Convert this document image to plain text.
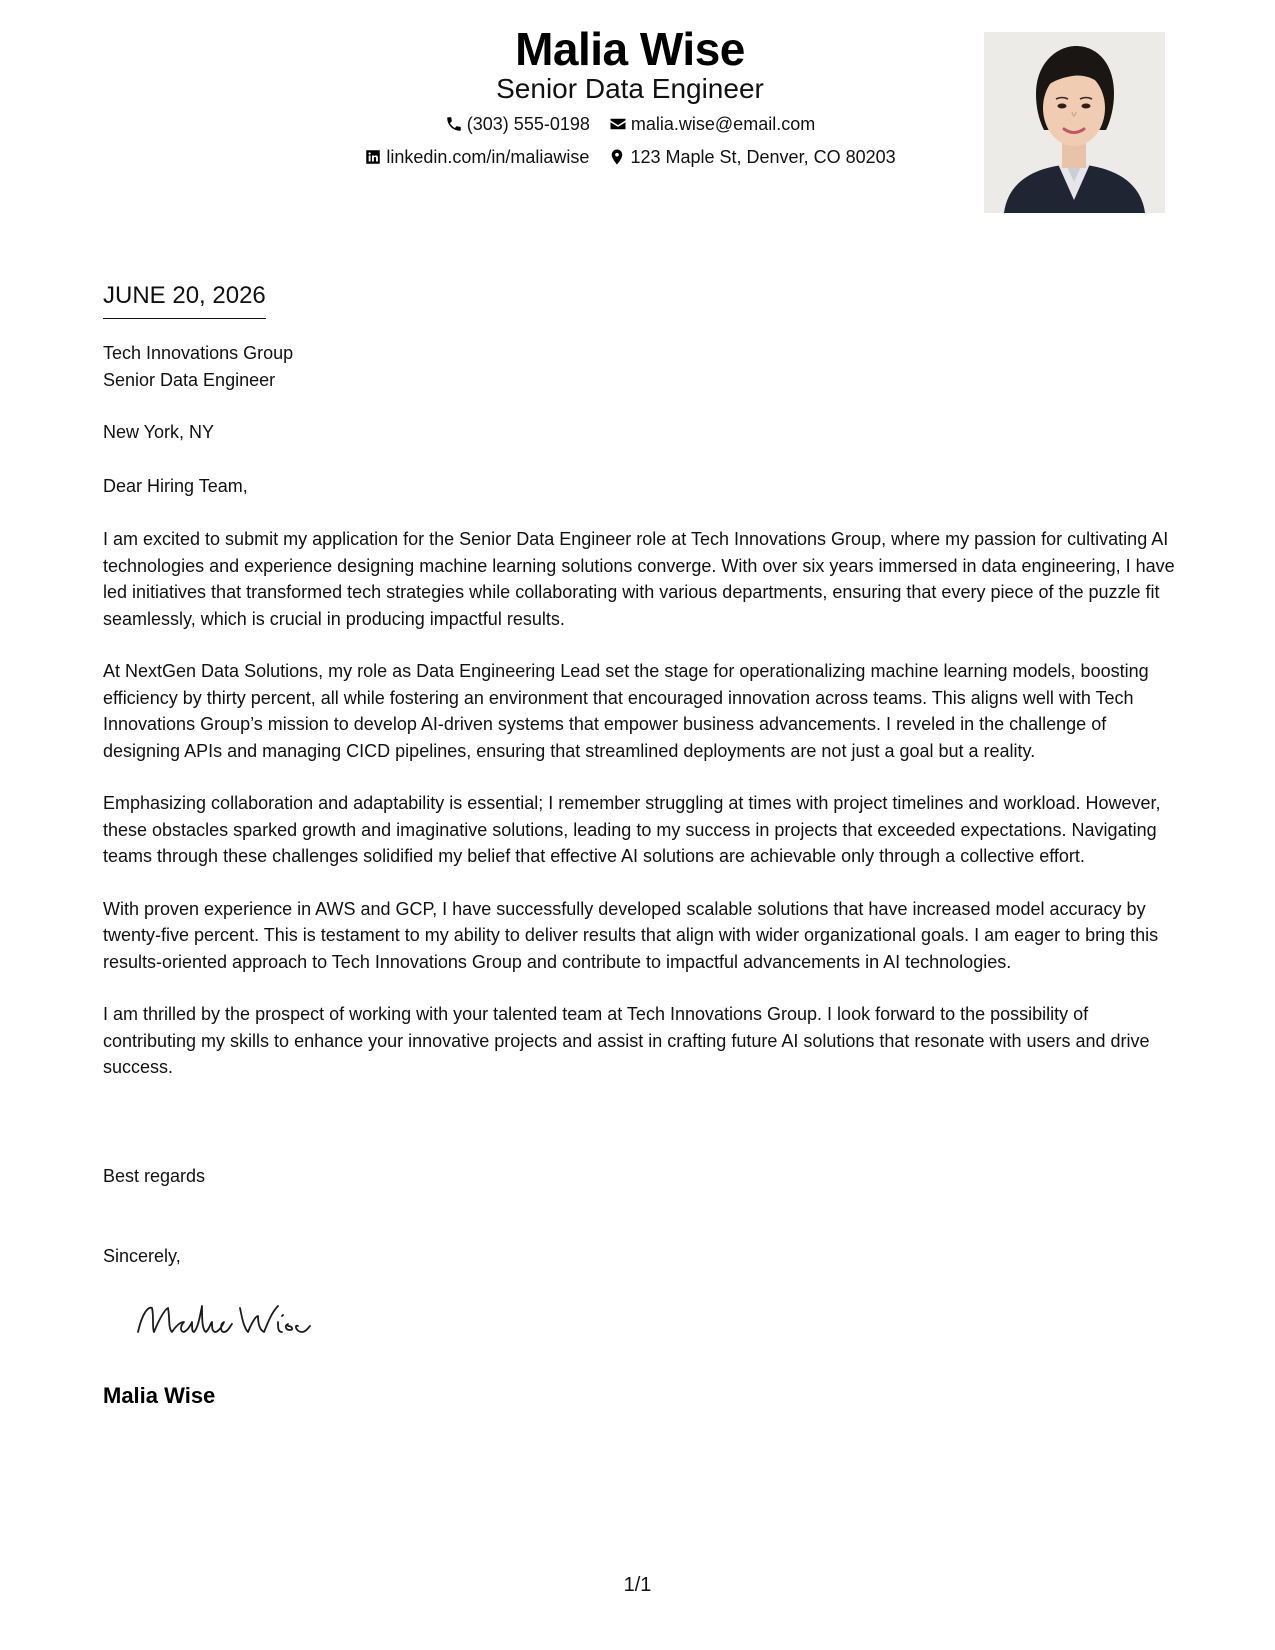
Malia Wise
Senior Data Engineer
(303) 555-0198
malia.wise@email.com
linkedin.com/in/maliawise
123 Maple St, Denver, CO 80203
JUNE 20, 2026
Tech Innovations Group
Senior Data Engineer
New York, NY
Dear Hiring Team,

I am excited to submit my application for the Senior Data Engineer role at Tech Innovations Group, where my passion for cultivating AI technologies and experience designing machine learning solutions converge. With over six years immersed in data engineering, I have led initiatives that transformed tech strategies while collaborating with various departments, ensuring that every piece of the puzzle fit seamlessly, which is crucial in producing impactful results.

At NextGen Data Solutions, my role as Data Engineering Lead set the stage for operationalizing machine learning models, boosting efficiency by thirty percent, all while fostering an environment that encouraged innovation across teams. This aligns well with Tech Innovations Group’s mission to develop AI-driven systems that empower business advancements. I reveled in the challenge of designing APIs and managing CICD pipelines, ensuring that streamlined deployments are not just a goal but a reality.

Emphasizing collaboration and adaptability is essential; I remember struggling at times with project timelines and workload. However, these obstacles sparked growth and imaginative solutions, leading to my success in projects that exceeded expectations. Navigating teams through these challenges solidified my belief that effective AI solutions are achievable only through a collective effort.

With proven experience in AWS and GCP, I have successfully developed scalable solutions that have increased model accuracy by twenty-five percent. This is testament to my ability to deliver results that align with wider organizational goals. I am eager to bring this results-oriented approach to Tech Innovations Group and contribute to impactful advancements in AI technologies.

I am thrilled by the prospect of working with your talented team at Tech Innovations Group. I look forward to the possibility of contributing my skills to enhance your innovative projects and assist in crafting future AI solutions that resonate with users and drive success.

Best regards
Sincerely,
Malia Wise
1/1
